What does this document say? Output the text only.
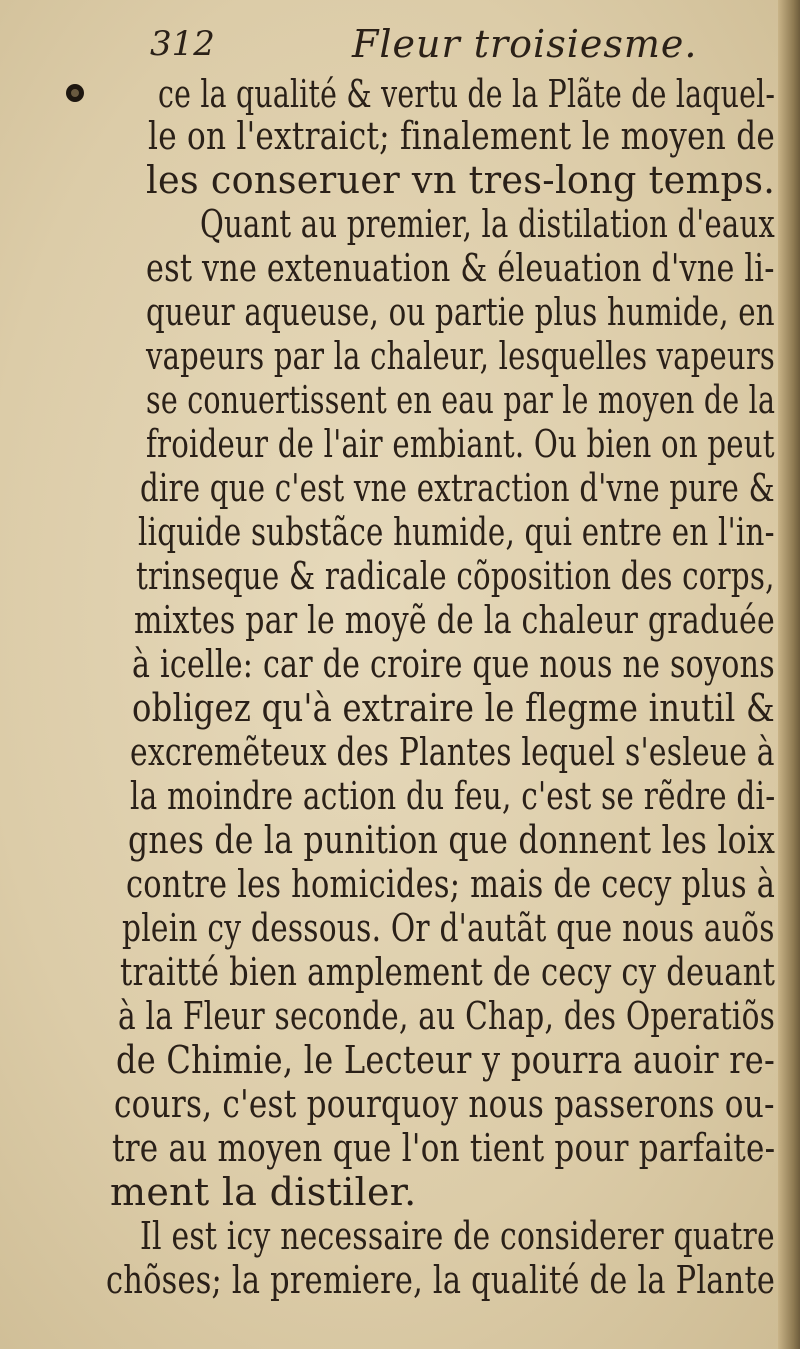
312	Fleur troisiesme.
ce la qualité & vertu de la Plãte de laquel-
le on l'extraict; finalement le moyen de
les conseruer vn tres-long temps.
Quant au premier, la distilation d'eaux
est vne extenuation & éleuation d'vne li-
queur aqueuse, ou partie plus humide, en
vapeurs par la chaleur, lesquelles vapeurs
se conuertissent en eau par le moyen de la
froideur de l'air embiant. Ou bien on peut
dire que c'est vne extraction d'vne pure &
liquide substãce humide, qui entre en l'in-
trinseque & radicale cõposition des corps,
mixtes par le moyẽ de la chaleur graduée
à icelle: car de croire que nous ne soyons
obligez qu'à extraire le flegme inutil &
excremẽteux des Plantes lequel s'esleue à
la moindre action du feu, c'est se rẽdre di-
gnes de la punition que donnent les loix
contre les homicides; mais de cecy plus à
plein cy dessous. Or d'autãt que nous auõs
traitté bien amplement de cecy cy deuant
à la Fleur seconde, au Chap, des Operatiõs
de Chimie, le Lecteur y pourra auoir re-
cours, c'est pourquoy nous passerons ou-
tre au moyen que l'on tient pour parfaite-
ment la distiler.
Il est icy necessaire de considerer quatre
chõses; la premiere, la qualité de la Plante
